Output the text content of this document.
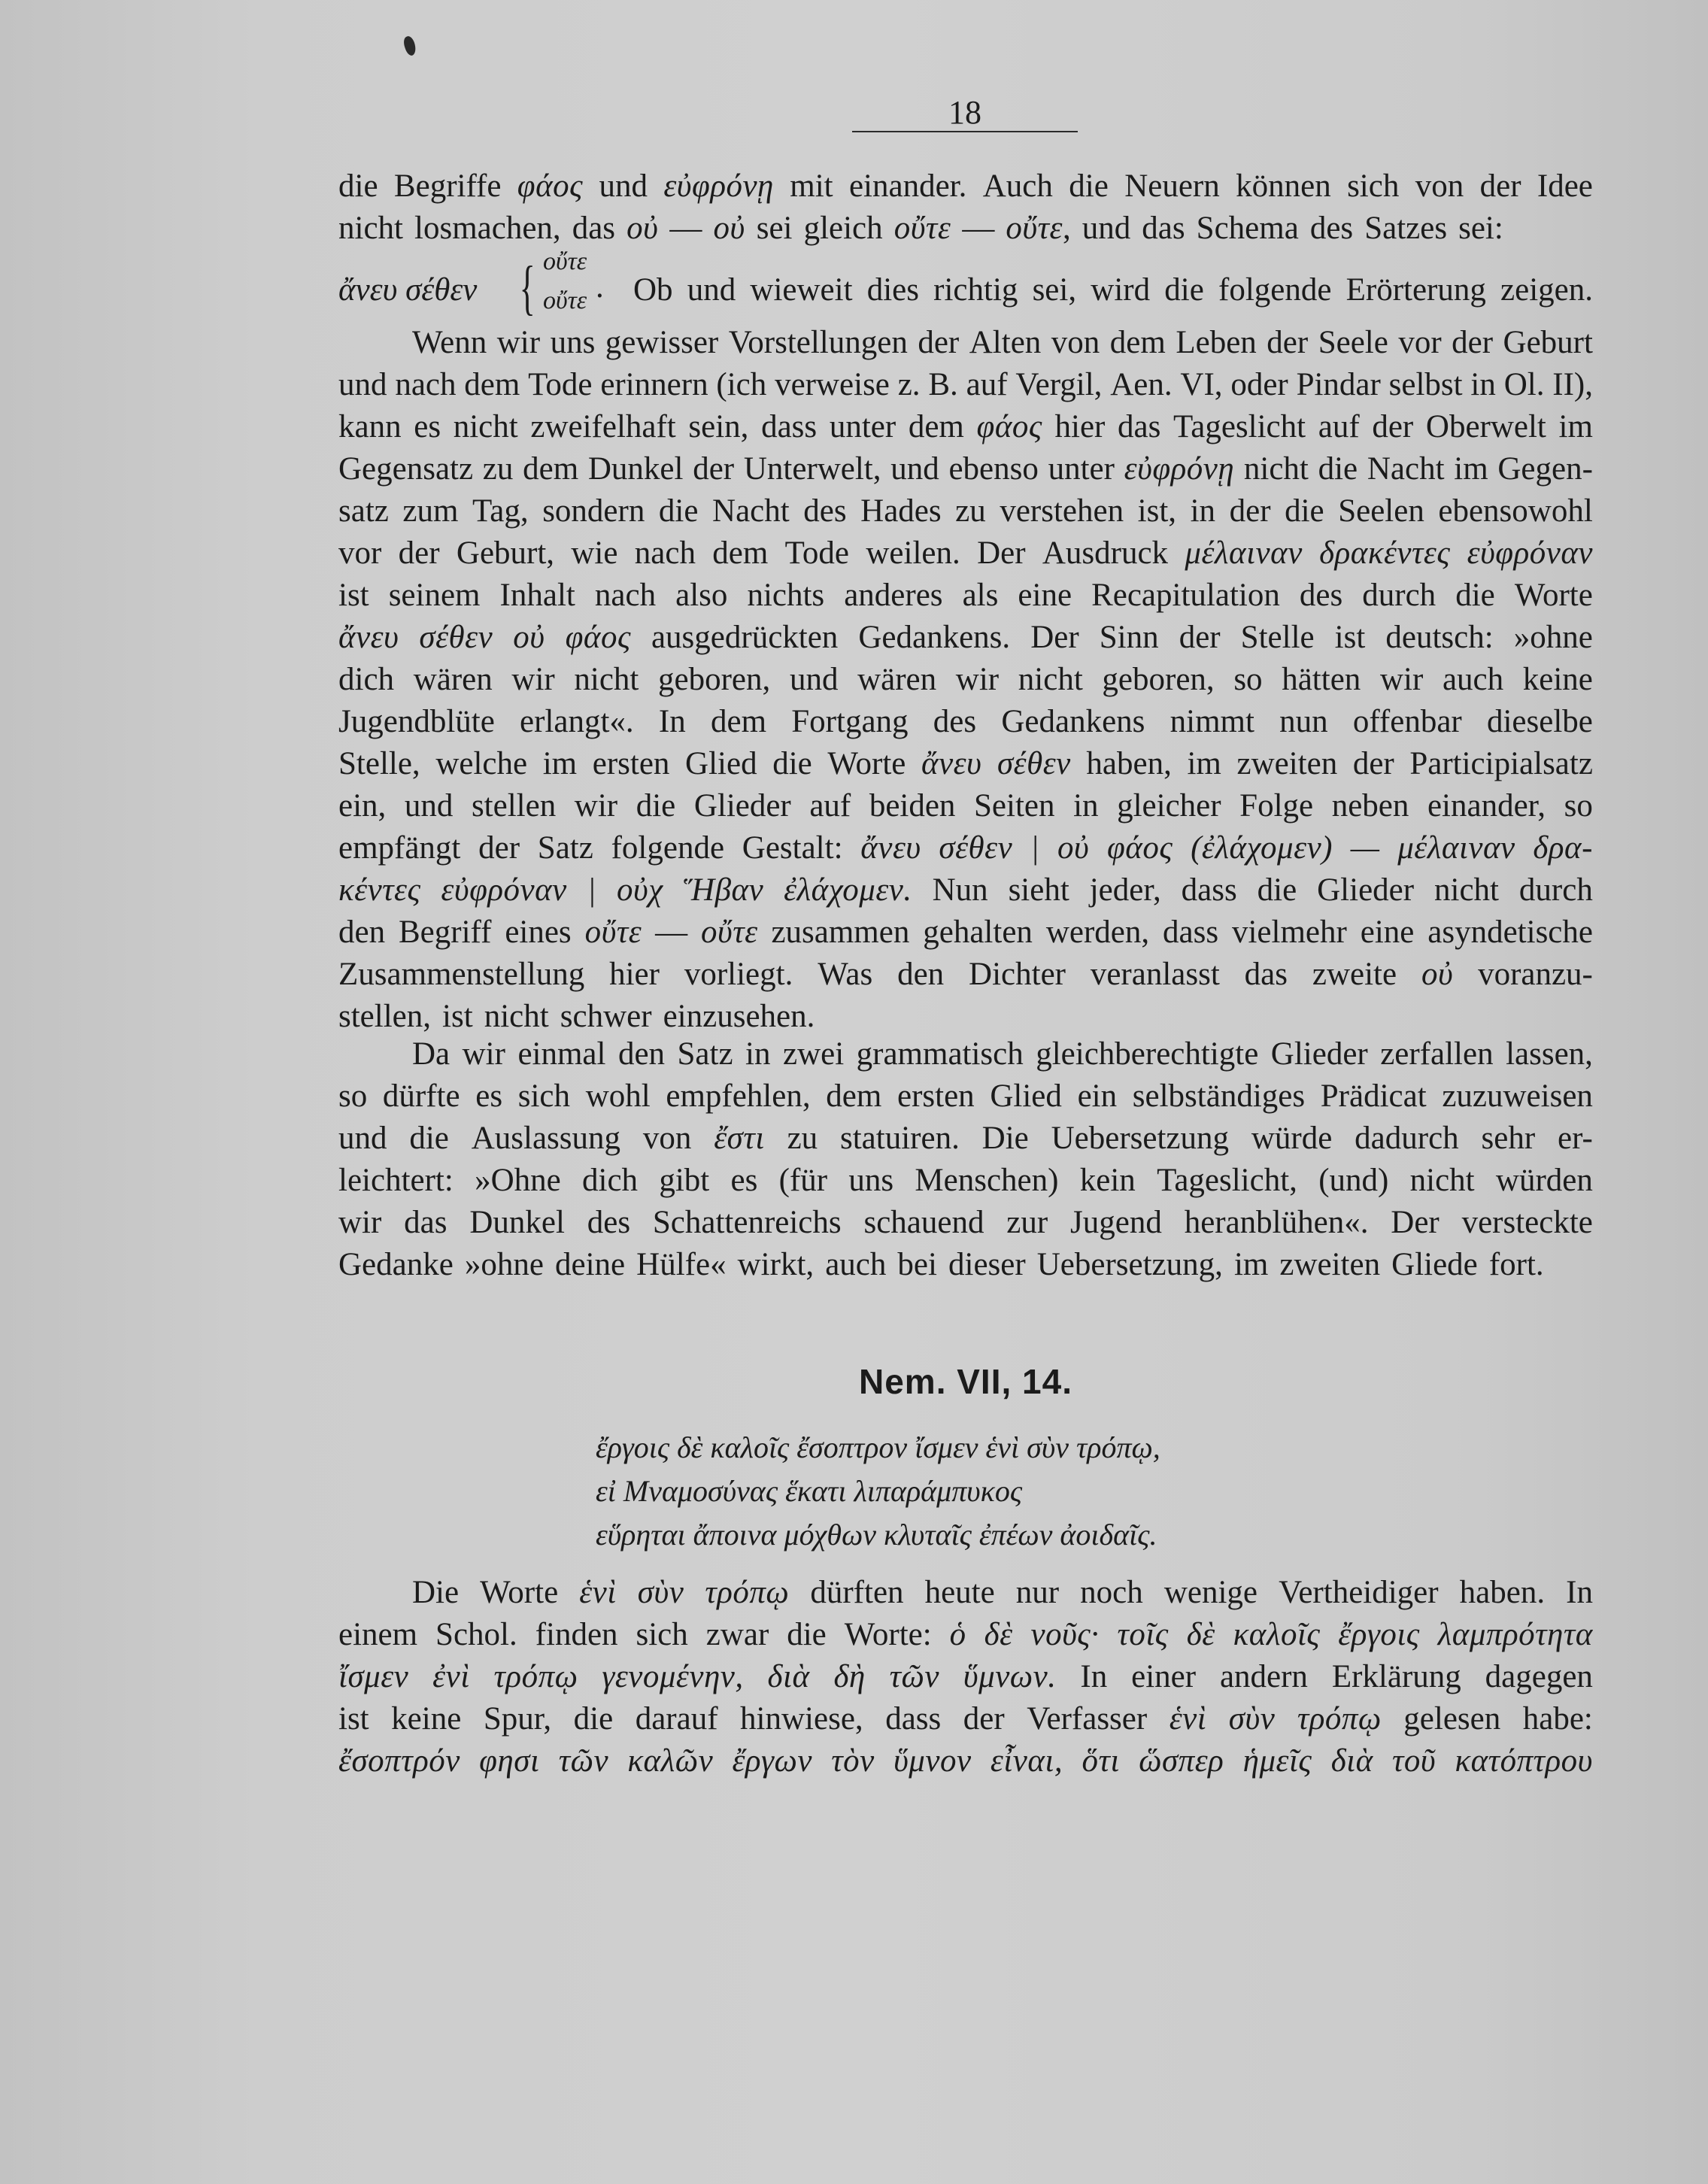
18
die Begriffe φάος und εὐφρόνῃ mit einander. Auch die Neuern können sich von der Idee
nicht losmachen, das οὐ — οὐ sei gleich οὔτε — οὔτε, und das Schema des Satzes sei:
ἄνευ σέθεν { οὔτε
οὔτε . Ob und wieweit dies richtig sei, wird die folgende Erörterung zeigen.
Wenn wir uns gewisser Vorstellungen der Alten von dem Leben der Seele vor der Geburt
und nach dem Tode erinnern (ich verweise z. B. auf Vergil, Aen. VI, oder Pindar selbst in Ol. II),
kann es nicht zweifelhaft sein, dass unter dem φάος hier das Tageslicht auf der Oberwelt im
Gegensatz zu dem Dunkel der Unterwelt, und ebenso unter εὐφρόνῃ nicht die Nacht im Gegen-
satz zum Tag, sondern die Nacht des Hades zu verstehen ist, in der die Seelen ebensowohl
vor der Geburt, wie nach dem Tode weilen. Der Ausdruck μέλαιναν δρακέντες εὐφρόναν
ist seinem Inhalt nach also nichts anderes als eine Recapitulation des durch die Worte
ἄνευ σέθεν οὐ φάος ausgedrückten Gedankens. Der Sinn der Stelle ist deutsch: »ohne
dich wären wir nicht geboren, und wären wir nicht geboren, so hätten wir auch keine
Jugendblüte erlangt«. In dem Fortgang des Gedankens nimmt nun offenbar dieselbe
Stelle, welche im ersten Glied die Worte ἄνευ σέθεν haben, im zweiten der Participialsatz
ein, und stellen wir die Glieder auf beiden Seiten in gleicher Folge neben einander, so
empfängt der Satz folgende Gestalt: ἄνευ σέθεν | οὐ φάος (ἐλάχομεν) — μέλαιναν δρα-
κέντες εὐφρόναν | οὐχ Ἥβαν ἐλάχομεν. Nun sieht jeder, dass die Glieder nicht durch
den Begriff eines οὔτε — οὔτε zusammen gehalten werden, dass vielmehr eine asyndetische
Zusammenstellung hier vorliegt. Was den Dichter veranlasst das zweite οὐ voranzu-
stellen, ist nicht schwer einzusehen.
Da wir einmal den Satz in zwei grammatisch gleichberechtigte Glieder zerfallen lassen,
so dürfte es sich wohl empfehlen, dem ersten Glied ein selbständiges Prädicat zuzuweisen
und die Auslassung von ἔστι zu statuiren. Die Uebersetzung würde dadurch sehr er-
leichtert: »Ohne dich gibt es (für uns Menschen) kein Tageslicht, (und) nicht würden
wir das Dunkel des Schattenreichs schauend zur Jugend heranblühen«. Der versteckte
Gedanke »ohne deine Hülfe« wirkt, auch bei dieser Uebersetzung, im zweiten Gliede fort.
Nem. VII, 14.
ἔργοις δὲ καλοῖς ἔσοπτρον ἴσμεν ἑνὶ σὺν τρόπῳ,
εἰ Μναμοσύνας ἕκατι λιπαράμπυκος
εὕρηται ἄποινα μόχθων κλυταῖς ἐπέων ἀοιδαῖς.
Die Worte ἑνὶ σὺν τρόπῳ dürften heute nur noch wenige Vertheidiger haben. In
einem Schol. finden sich zwar die Worte: ὁ δὲ νοῦς· τοῖς δὲ καλοῖς ἔργοις λαμπρότητα
ἴσμεν ἐνὶ τρόπῳ γενομένην, διὰ δὴ τῶν ὕμνων. In einer andern Erklärung dagegen
ist keine Spur, die darauf hinwiese, dass der Verfasser ἑνὶ σὺν τρόπῳ gelesen habe:
ἔσοπτρόν φησι τῶν καλῶν ἔργων τὸν ὕμνον εἶναι, ὅτι ὥσπερ ἡμεῖς διὰ τοῦ κατόπτρου
